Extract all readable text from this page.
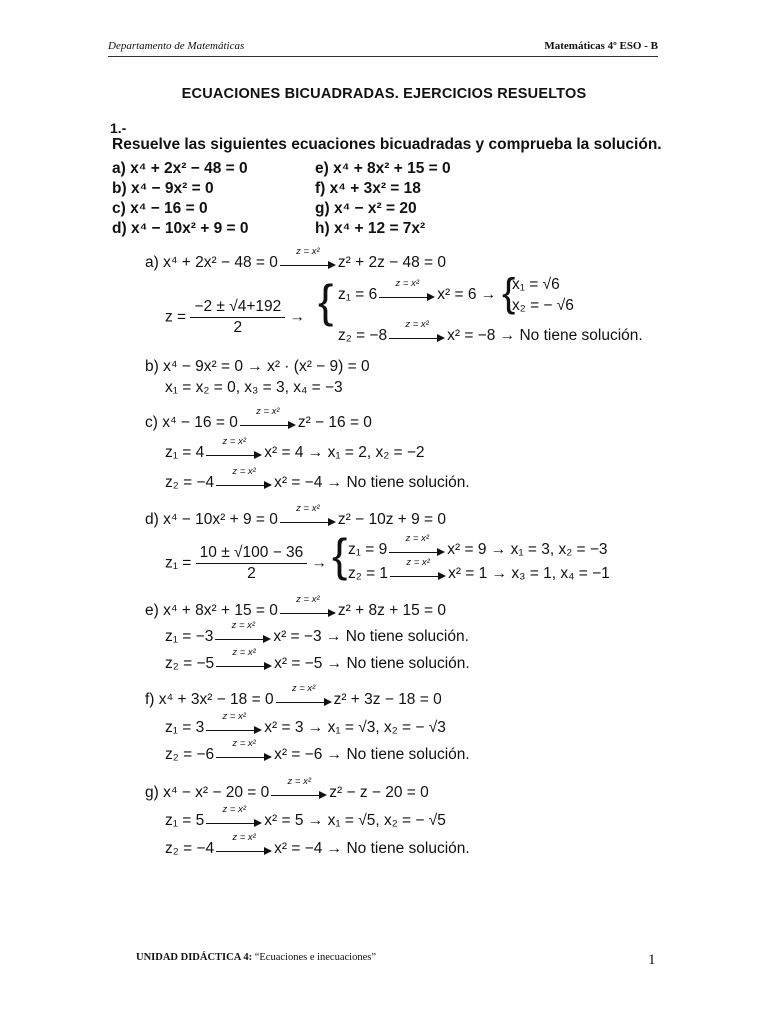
Departamento de Matemáticas	Matemáticas 4º ESO - B
ECUACIONES BICUADRADAS. EJERCICIOS RESUELTOS
1.-
Resuelve las siguientes ecuaciones bicuadradas y comprueba la solución.
a) x⁴ + 2x² − 48 = 0
b) x⁴ − 9x² = 0
c) x⁴ − 16 = 0
d) x⁴ − 10x² + 9 = 0
e) x⁴ + 8x² + 15 = 0
f) x⁴ + 3x² = 18
g) x⁴ − x² = 20
h) x⁴ + 12 = 7x²
a) x⁴ + 2x² − 48 = 0
z = x²
z² + 2z − 48 = 0
$z = \frac{-2 \pm √4+192}{2}$ → { z₁ = 6
z = x²
x² = 6 → {
x₁ = √6
x₂ = − √6
z₂ = −8
z = x²
x² = −8 → No tiene solución.
b) x⁴ − 9x² = 0 → x² · (x² − 9) = 0
x₁ = x₂ = 0, x₃ = 3, x₄ = −3
c) x⁴ − 16 = 0
z = x²
z² − 16 = 0
z₁ = 4
z = x²
x² = 4 → x₁ = 2, x₂ = −2
z₂ = −4
z = x²
x² = −4 → No tiene solución.
d) x⁴ − 10x² + 9 = 0
z = x²
z² − 10z + 9 = 0
$z_1 = \frac{10 \pm √100 - 36}{2}$ → { z₁ = 9
z = x²
x² = 9 → x₁ = 3, x₂ = −3
z₂ = 1
z = x²
x² = 1 → x₃ = 1, x₄ = −1
e) x⁴ + 8x² + 15 = 0
z = x²
z² + 8z + 15 = 0
z₁ = −3
z = x²
x² = −3 → No tiene solución.
z₂ = −5
z = x²
x² = −5 → No tiene solución.
f) x⁴ + 3x² − 18 = 0
z = x²
z² + 3z − 18 = 0
z₁ = 3
z = x²
x² = 3 → x₁ = √3, x₂ = − √3
z₂ = −6
z = x²
x² = −6 → No tiene solución.
g) x⁴ − x² − 20 = 0
z = x²
z² − z − 20 = 0
z₁ = 5
z = x²
x² = 5 → x₁ = √5, x₂ = − √5
z₂ = −4
z = x²
x² = −4 → No tiene solución.
UNIDAD DIDÁCTICA 4: “Ecuaciones e inecuaciones”	1
